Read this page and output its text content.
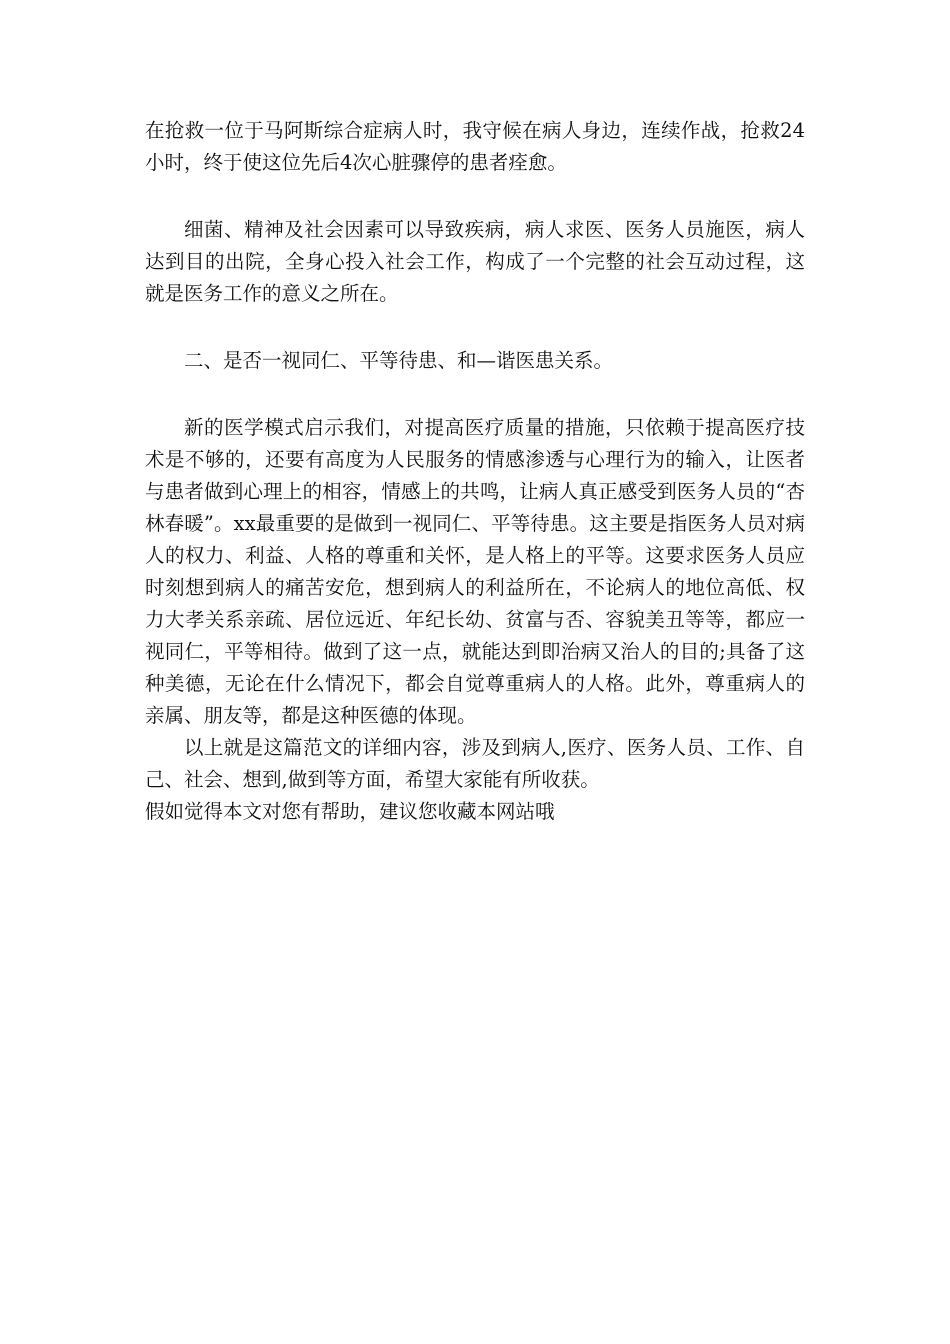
在抢救一位于马阿斯综合症病人时，我守候在病人身边，连续作战，抢救24小时，终于使这位先后4次心脏骤停的患者痊愈。

细菌、精神及社会因素可以导致疾病，病人求医、医务人员施医，病人达到目的出院，全身心投入社会工作，构成了一个完整的社会互动过程，这就是医务工作的意义之所在。

二、是否一视同仁、平等待患、和—谐医患关系。

新的医学模式启示我们，对提高医疗质量的措施，只依赖于提高医疗技术是不够的，还要有高度为人民服务的情感渗透与心理行为的输入，让医者与患者做到心理上的相容，情感上的共鸣，让病人真正感受到医务人员的“杏林春暖”。xx最重要的是做到一视同仁、平等待患。这主要是指医务人员对病人的权力、利益、人格的尊重和关怀，是人格上的平等。这要求医务人员应时刻想到病人的痛苦安危，想到病人的利益所在，不论病人的地位高低、权力大孝关系亲疏、居位远近、年纪长幼、贫富与否、容貌美丑等等，都应一视同仁，平等相待。做到了这一点，就能达到即治病又治人的目的;具备了这种美德，无论在什么情况下，都会自觉尊重病人的人格。此外，尊重病人的亲属、朋友等，都是这种医德的体现。

以上就是这篇范文的详细内容，涉及到病人,医疗、医务人员、工作、自己、社会、想到,做到等方面，希望大家能有所收获。

假如觉得本文对您有帮助，建议您收藏本网站哦
